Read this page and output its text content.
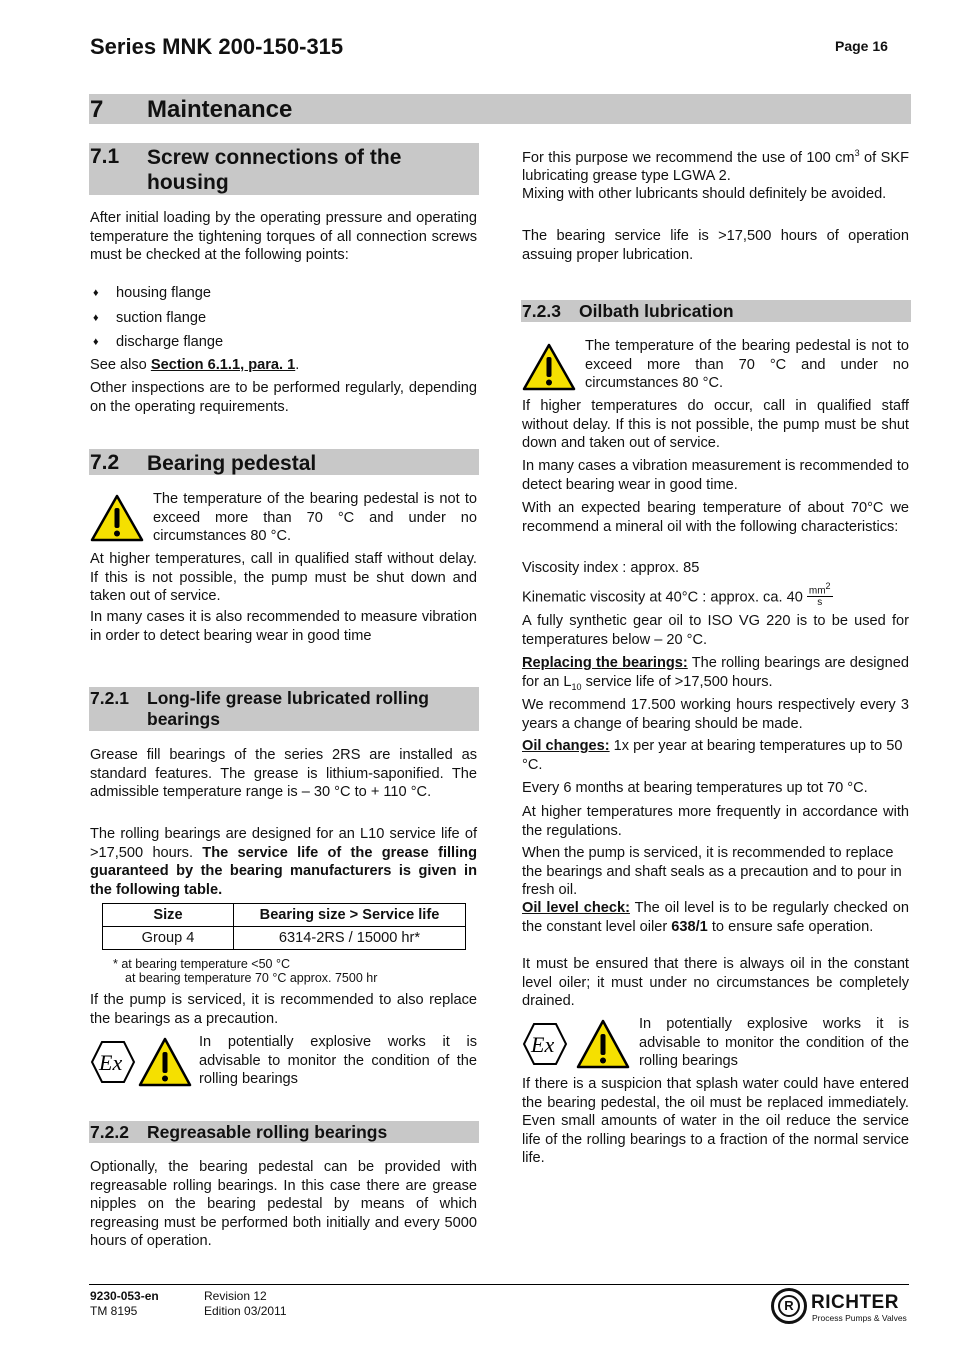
Series MNK 200-150-315	Page 16
7 Maintenance
7.1 Screw connections of the
housing
After initial loading by the operating pressure and operating temperature the tightening torques of all connection screws must be checked at the following points:
♦ housing flange
♦ suction flange
♦ discharge flange
See also Section 6.1.1, para. 1.
Other inspections are to be performed regularly, depending on the operating requirements.
7.2 Bearing pedestal
The temperature of the bearing pedestal is not to exceed more than 70 °C and under no circumstances 80 °C.
At higher temperatures, call in qualified staff without delay. If this is not possible, the pump must be shut down and taken out of service.
In many cases it is also recommended to measure vibration in order to detect bearing wear in good time
7.2.1 Long-life grease lubricated rolling
bearings
Grease fill bearings of the series 2RS are installed as standard features. The grease is lithium-saponified. The admissible temperature range is – 30 °C to + 110 °C.
The rolling bearings are designed for an L10 service life of >17,500 hours. The service life of the grease filling guaranteed by the bearing manufacturers is given in the following table.
Size	Bearing size > Service life
Group 4	6314-2RS / 15000 hr*
* at bearing temperature <50 °C
at bearing temperature 70 °C approx. 7500 hr
If the pump is serviced, it is recommended to also replace the bearings as a precaution.
Ex
In potentially explosive works it is advisable to monitor the condition of the rolling bearings
7.2.2 Regreasable rolling bearings
Optionally, the bearing pedestal can be provided with regreasable rolling bearings. In this case there are grease nipples on the bearing pedestal by means of which regreasing must be performed both initially and every 5000 hours of operation.
For this purpose we recommend the use of 100 $cm^3$ of SKF lubricating grease type LGWA 2.
Mixing with other lubricants should definitely be avoided.
The bearing service life is >17,500 hours of operation assuing proper lubrication.
7.2.3 Oilbath lubrication
The temperature of the bearing pedestal is not to exceed more than 70 °C and under no circumstances 80 °C.
If higher temperatures do occur, call in qualified staff without delay. If this is not possible, the pump must be shut down and taken out of service.
In many cases a vibration measurement is recommended to detect bearing wear in good time.
With an expected bearing temperature of about 70°C we recommend a mineral oil with the following characteristics:
Viscosity index : approx. 85
Kinematic viscosity at 40°C : approx. ca. $40 \frac{mm^2}{s}$
A fully synthetic gear oil to ISO VG 220 is to be used for temperatures below – 20 °C.
Replacing the bearings: The rolling bearings are designed for an $L_{10}$ service life of >17,500 hours.
We recommend 17.500 working hours respectively every 3 years a change of bearing should be made.
Oil changes: 1x per year at bearing temperatures up to 50 °C.
Every 6 months at bearing temperatures up tot 70 °C.
At higher temperatures more frequently in accordance with the regulations.
When the pump is serviced, it is recommended to replace the bearings and shaft seals as a precaution and to pour in fresh oil.
Oil level check: The oil level is to be regularly checked on the constant level oiler 638/1 to ensure safe operation.
It must be ensured that there is always oil in the constant level oiler; it must under no circumstances be completely drained.
Ex
In potentially explosive works it is advisable to monitor the condition of the rolling bearings
If there is a suspicion that splash water could have entered the bearing pedestal, the oil must be replaced immediately. Even small amounts of water in the oil reduce the service life of the rolling bearings to a fraction of the normal service life.
9230-053-en
TM 8195
Revision 12
Edition 03/2011	R RICHTER
Process Pumps & Valves
